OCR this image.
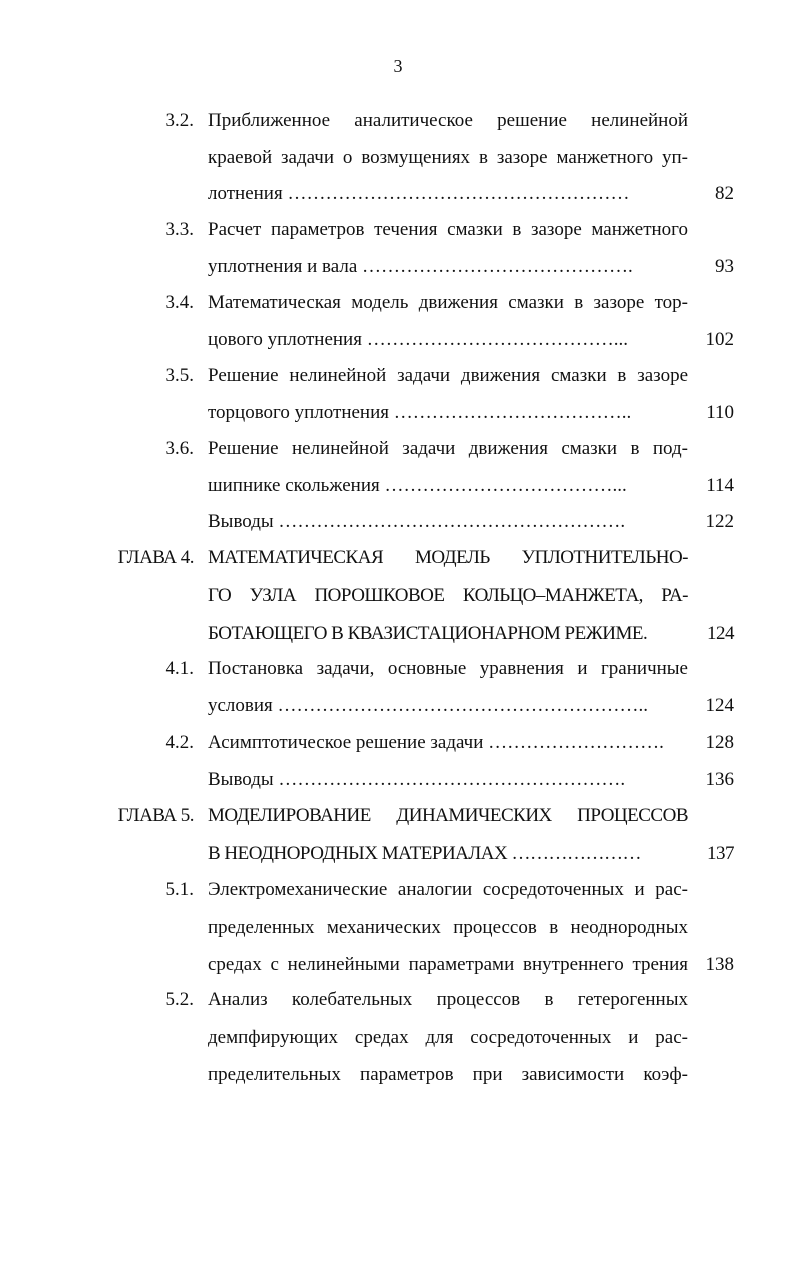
3
3.2. Приближенное аналитическое решение нелинейной
краевой задачи о возмущениях в зазоре манжетного уп-
лотнения ………………………………………………	82
3.3. Расчет параметров течения смазки в зазоре манжетного
уплотнения и вала …………………………………….	93
3.4. Математическая модель движения смазки в зазоре тор-
цового уплотнения …………………………………...	102
3.5. Решение нелинейной задачи движения смазки в зазоре
торцового уплотнения ………………………………..	110
3.6. Решение нелинейной задачи движения смазки в под-
шипнике скольжения ………………………………...	114
Выводы ……………………………………………….	122
ГЛАВА 4. МАТЕМАТИЧЕСКАЯ МОДЕЛЬ УПЛОТНИТЕЛЬНО-
ГО УЗЛА ПОРОШКОВОЕ КОЛЬЦО–МАНЖЕТА, РА-
БОТАЮЩЕГО В КВАЗИСТАЦИОНАРНОМ РЕЖИМЕ.	124
4.1. Постановка задачи, основные уравнения и граничные
условия …………………………………………………..	124
4.2. Асимптотическое решение задачи ………………………. 128
Выводы ……………………………………………….	136
ГЛАВА 5. МОДЕЛИРОВАНИЕ ДИНАМИЧЕСКИХ ПРОЦЕССОВ
В НЕОДНОРОДНЫХ МАТЕРИАЛАХ …………………	137
5.1. Электромеханические аналогии сосредоточенных и рас-
пределенных механических процессов в неоднородных
средах с нелинейными параметрами внутреннего трения 138
5.2. Анализ колебательных процессов в гетерогенных
демпфирующих средах для сосредоточенных и рас-
пределительных параметров при зависимости коэф-
